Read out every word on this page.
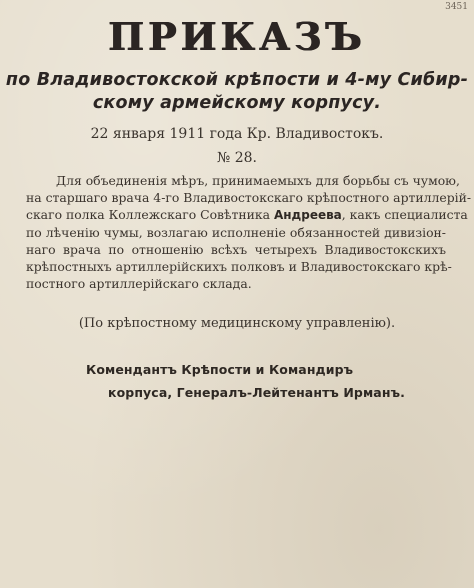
3451
ПРИКАЗЪ
по Владивостокской крѣпости и 4-му Сибир-
скому армейскому корпусу.
22 января 1911 года Кр. Владивостокъ.
№ 28.
Для объединенія мѣръ, принимаемыхъ для борьбы съ чумою,
на старшаго врача 4-го Владивостокскаго крѣпостного артиллерій-
скаго полка Коллежскаго Совѣтника Андреева, какъ специалиста
по лѣченію чумы, возлагаю исполненіе обязанностей дивизіон-
наго врача по отношенію всѣхъ четырехъ Владивостокскихъ
крѣпостныхъ артиллерійскихъ полковъ и Владивостокскаго крѣ-
постного артиллерійскаго склада.
(По крѣпостному медицинскому управленію).
Комендантъ Крѣпости и Командиръ
корпуса, Генералъ-Лейтенантъ Ирманъ.
